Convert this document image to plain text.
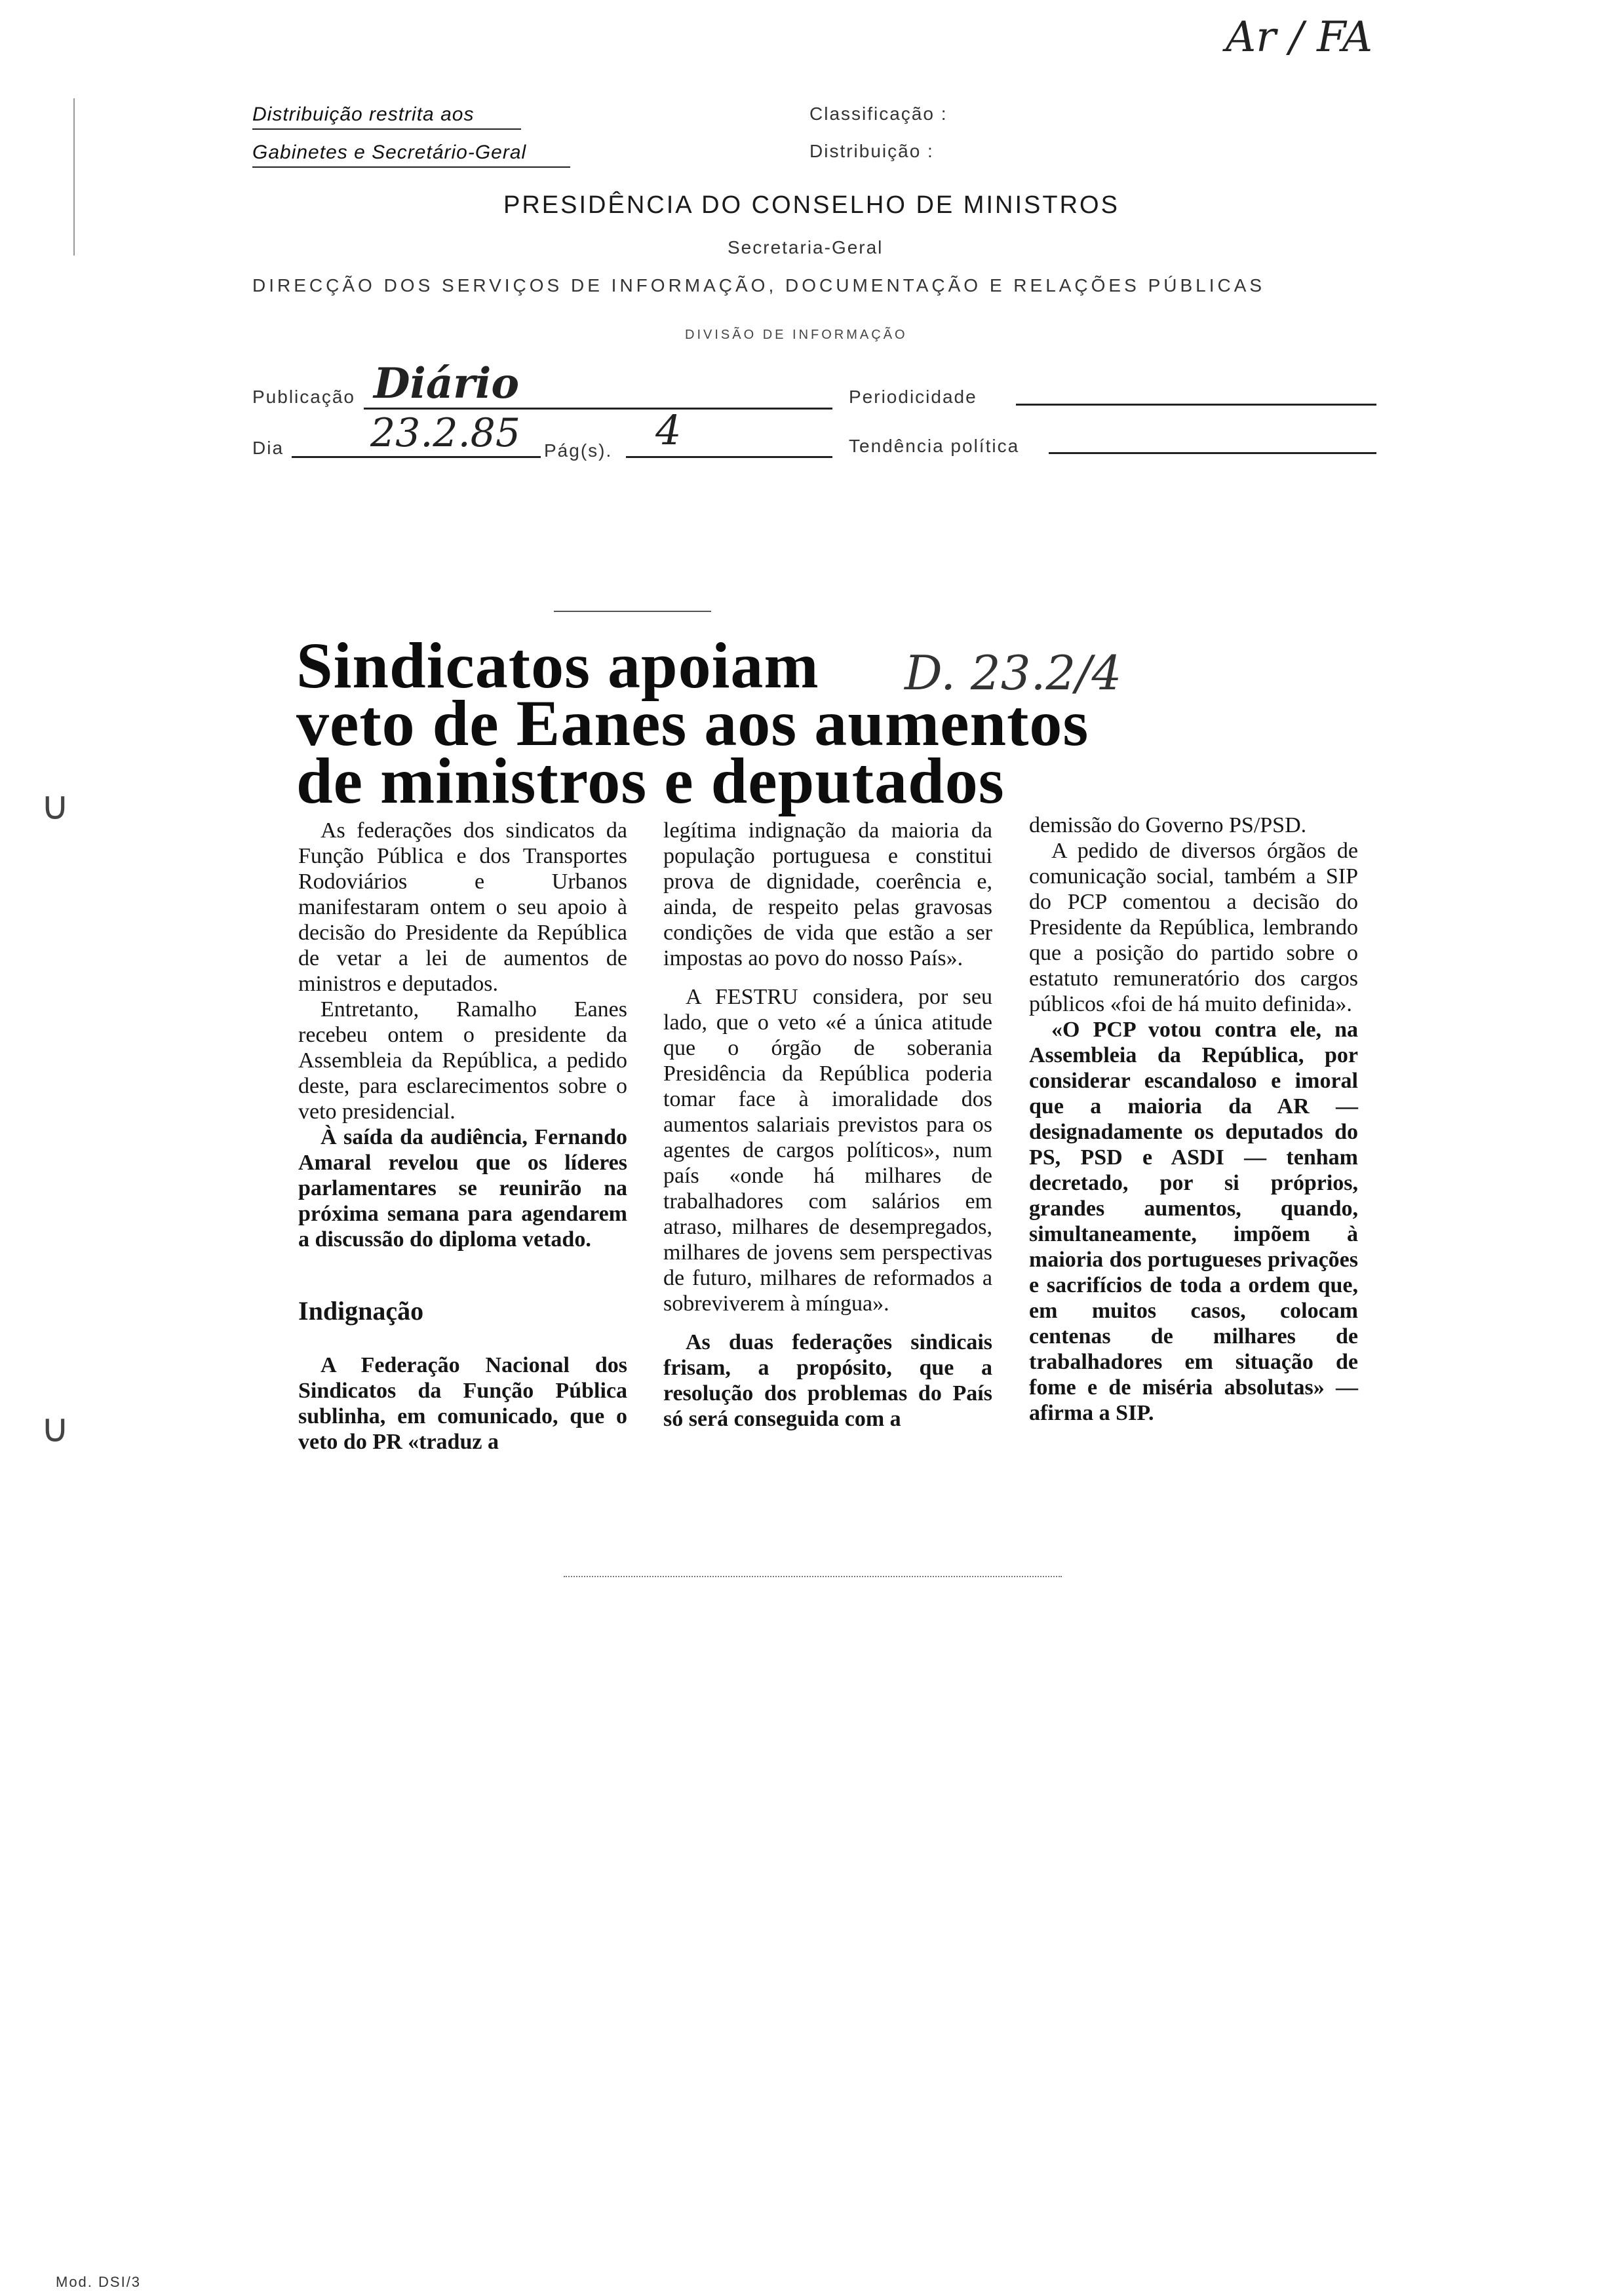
Ar / FA
Distribuição restrita aos
Gabinetes e Secretário-Geral
Classificação :
Distribuição :
PRESIDÊNCIA DO CONSELHO DE MINISTROS
Secretaria-Geral
DIRECÇÃO DOS SERVIÇOS DE INFORMAÇÃO, DOCUMENTAÇÃO E RELAÇÕES PÚBLICAS
DIVISÃO DE INFORMAÇÃO
Publicação Diário	Periodicidade
Dia 23.2.85 Pág(s). 4	Tendência política
∪
∪
Sindicatos apoiam
veto de Eanes aos aumentos
de ministros e deputados
D. 23.2/4

As federações dos sindicatos da Função Pública e dos Transportes Rodoviários e Urbanos manifestaram ontem o seu apoio à decisão do Presidente da República de vetar a lei de aumentos de ministros e deputados.

Entretanto, Ramalho Eanes recebeu ontem o presidente da Assembleia da República, a pedido deste, para esclarecimentos sobre o veto presidencial.

À saída da audiência, Fernando Amaral revelou que os líderes parlamentares se reunirão na próxima semana para agendarem a discussão do diploma vetado.

Indignação

A Federação Nacional dos Sindicatos da Função Pública sublinha, em comunicado, que o veto do PR «traduz a

legítima indignação da maioria da população portuguesa e constitui prova de dignidade, coerência e, ainda, de respeito pelas gravosas condições de vida que estão a ser impostas ao povo do nosso País».

A FESTRU considera, por seu lado, que o veto «é a única atitude que o órgão de soberania Presidência da República poderia tomar face à imoralidade dos aumentos salariais previstos para os agentes de cargos políticos», num país «onde há milhares de trabalhadores com salários em atraso, milhares de desempregados, milhares de jovens sem perspectivas de futuro, milhares de reformados a sobreviverem à míngua».

As duas federações sindicais frisam, a propósito, que a resolução dos problemas do País só será conseguida com a

demissão do Governo PS/PSD.

A pedido de diversos órgãos de comunicação social, também a SIP do PCP comentou a decisão do Presidente da República, lembrando que a posição do partido sobre o estatuto remuneratório dos cargos públicos «foi de há muito definida».

«O PCP votou contra ele, na Assembleia da República, por considerar escandaloso e imoral que a maioria da AR — designadamente os deputados do PS, PSD e ASDI — tenham decretado, por si próprios, grandes aumentos, quando, simultaneamente, impõem à maioria dos portugueses privações e sacrifícios de toda a ordem que, em muitos casos, colocam centenas de milhares de trabalhadores em situação de fome e de miséria absolutas» — afirma a SIP.

Mod. DSI/3
